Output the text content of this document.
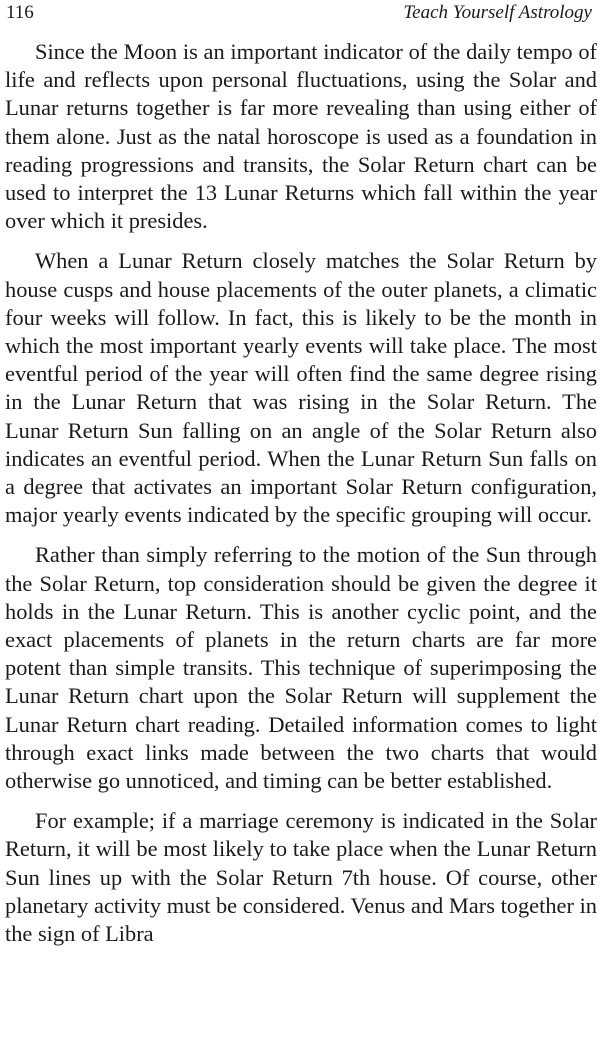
116	Teach Yourself Astrology

Since the Moon is an important indicator of the daily tempo of life and reflects upon personal fluctuations, using the Solar and Lunar returns together is far more revealing than using either of them alone. Just as the natal horoscope is used as a foundation in reading progressions and transits, the Solar Return chart can be used to interpret the 13 Lunar Returns which fall within the year over which it presides.

When a Lunar Return closely matches the Solar Return by house cusps and house placements of the outer planets, a climatic four weeks will follow. In fact, this is likely to be the month in which the most important yearly events will take place. The most eventful period of the year will often find the same degree rising in the Lunar Return that was rising in the Solar Return. The Lunar Return Sun falling on an angle of the Solar Return also indicates an eventful period. When the Lunar Return Sun falls on a degree that activates an important Solar Return configuration, major yearly events indicated by the specific grouping will occur.

Rather than simply referring to the motion of the Sun through the Solar Return, top consideration should be given the degree it holds in the Lunar Return. This is another cyclic point, and the exact placements of planets in the return charts are far more potent than simple transits. This technique of superimposing the Lunar Return chart upon the Solar Return will supplement the Lunar Return chart reading. Detailed information comes to light through exact links made between the two charts that would otherwise go unnoticed, and timing can be better established.

For example; if a marriage ceremony is indicated in the Solar Return, it will be most likely to take place when the Lunar Return Sun lines up with the Solar Return 7th house. Of course, other planetary activity must be considered. Venus and Mars together in the sign of Libra
